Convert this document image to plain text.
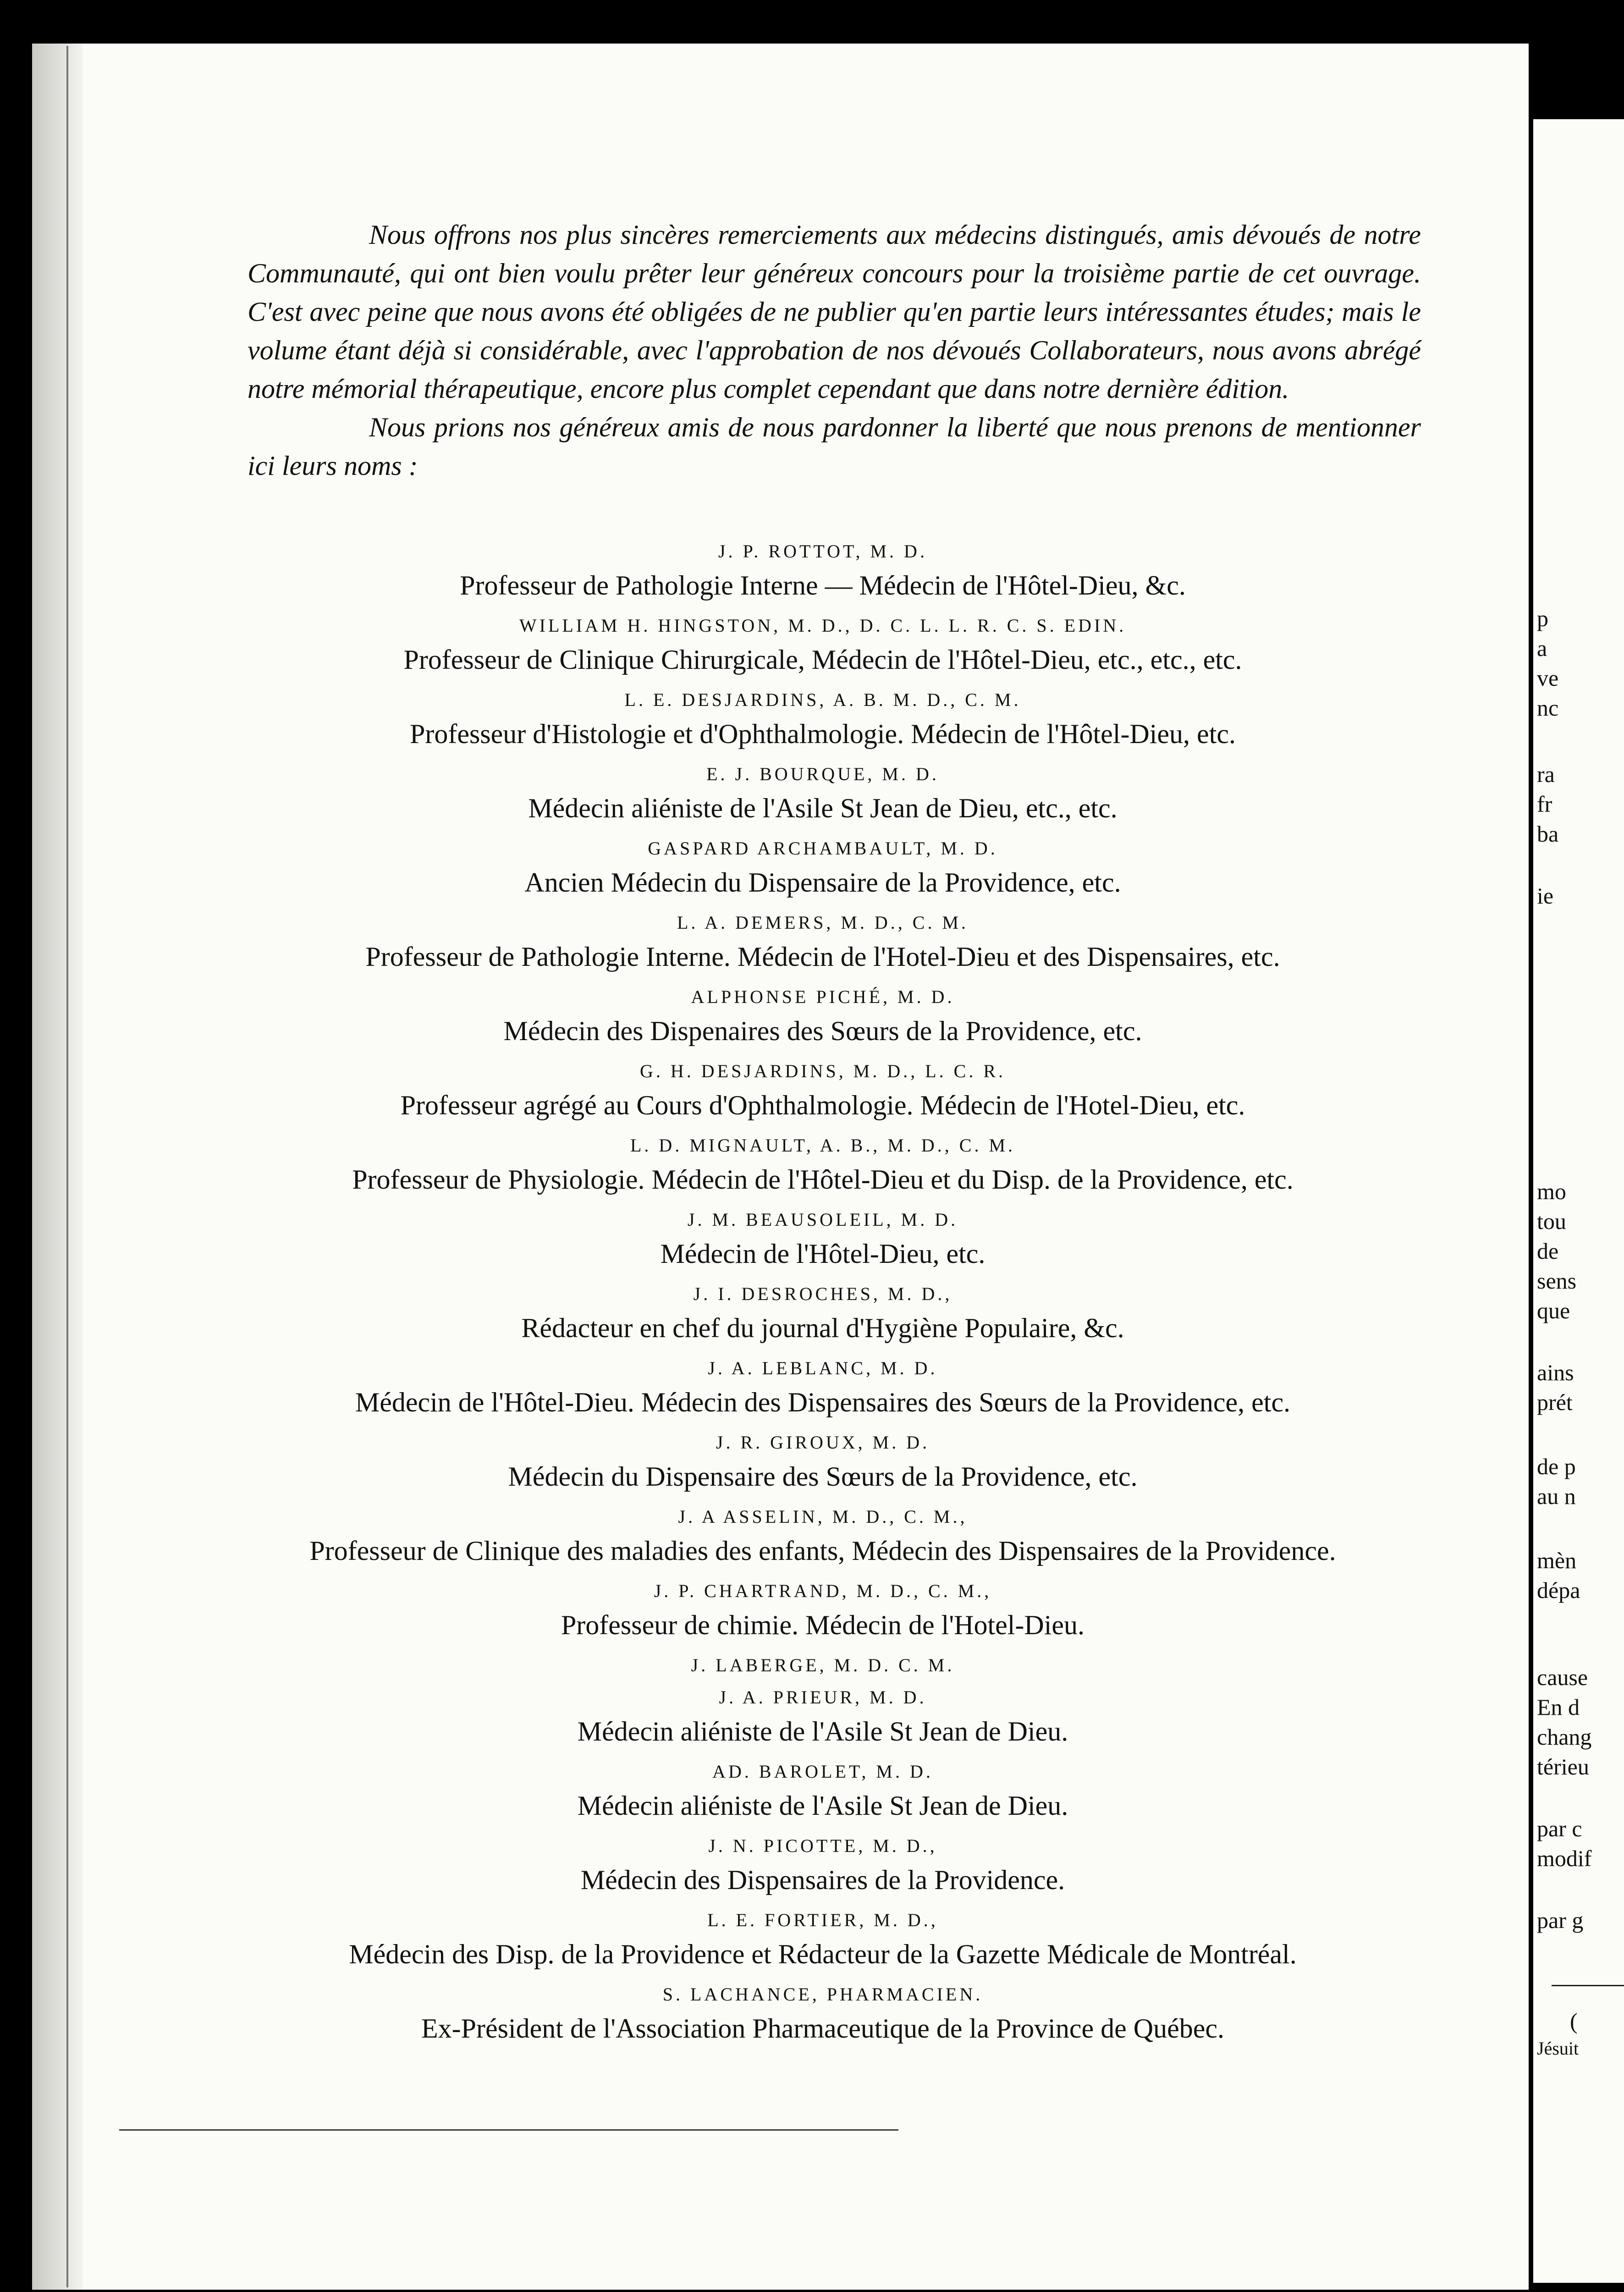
Nous offrons nos plus sincères remerciements aux médecins distingués, amis dévoués de notre Communauté, qui ont bien voulu prêter leur généreux concours pour la troisième partie de cet ouvrage. C'est avec peine que nous avons été obligées de ne publier qu'en partie leurs intéressantes études; mais le volume étant déjà si considérable, avec l'approbation de nos dévoués Collaborateurs, nous avons abrégé notre mémorial thérapeutique, encore plus complet cependant que dans notre dernière édition.

Nous prions nos généreux amis de nous pardonner la liberté que nous prenons de mentionner ici leurs noms :

J. P. ROTTOT, M. D.
Professeur de Pathologie Interne — Médecin de l'Hôtel-Dieu, &c.
WILLIAM H. HINGSTON, M. D., D. C. L. L. R. C. S. EDIN.
Professeur de Clinique Chirurgicale, Médecin de l'Hôtel-Dieu, etc., etc., etc.
L. E. DESJARDINS, A. B. M. D., C. M.
Professeur d'Histologie et d'Ophthalmologie. Médecin de l'Hôtel-Dieu, etc.
E. J. BOURQUE, M. D.
Médecin aliéniste de l'Asile St Jean de Dieu, etc., etc.
GASPARD ARCHAMBAULT, M. D.
Ancien Médecin du Dispensaire de la Providence, etc.
L. A. DEMERS, M. D., C. M.
Professeur de Pathologie Interne. Médecin de l'Hotel-Dieu et des Dispensaires, etc.
ALPHONSE PICHÉ, M. D.
Médecin des Dispenaires des Sœurs de la Providence, etc.
G. H. DESJARDINS, M. D., L. C. R.
Professeur agrégé au Cours d'Ophthalmologie. Médecin de l'Hotel-Dieu, etc.
L. D. MIGNAULT, A. B., M. D., C. M.
Professeur de Physiologie. Médecin de l'Hôtel-Dieu et du Disp. de la Providence, etc.
J. M. BEAUSOLEIL, M. D.
Médecin de l'Hôtel-Dieu, etc.
J. I. DESROCHES, M. D.,
Rédacteur en chef du journal d'Hygiène Populaire, &c.
J. A. LEBLANC, M. D.
Médecin de l'Hôtel-Dieu. Médecin des Dispensaires des Sœurs de la Providence, etc.
J. R. GIROUX, M. D.
Médecin du Dispensaire des Sœurs de la Providence, etc.
J. A ASSELIN, M. D., C. M.,
Professeur de Clinique des maladies des enfants, Médecin des Dispensaires de la Providence.
J. P. CHARTRAND, M. D., C. M.,
Professeur de chimie. Médecin de l'Hotel-Dieu.
J. LABERGE, M. D. C. M.
J. A. PRIEUR, M. D.
Médecin aliéniste de l'Asile St Jean de Dieu.
AD. BAROLET, M. D.
Médecin aliéniste de l'Asile St Jean de Dieu.
J. N. PICOTTE, M. D.,
Médecin des Dispensaires de la Providence.
L. E. FORTIER, M. D.,
Médecin des Disp. de la Providence et Rédacteur de la Gazette Médicale de Montréal.
S. LACHANCE, PHARMACIEN.
Ex-Président de l'Association Pharmaceutique de la Province de Québec.
p
a
ve
nc
ra
fr
ba
ie
mo
tou
de
sens
que
ains
prét
de p
au n
mèn
dépa
cause
En d
chang
térieu
par c
modif
par g
(
Jésuit
